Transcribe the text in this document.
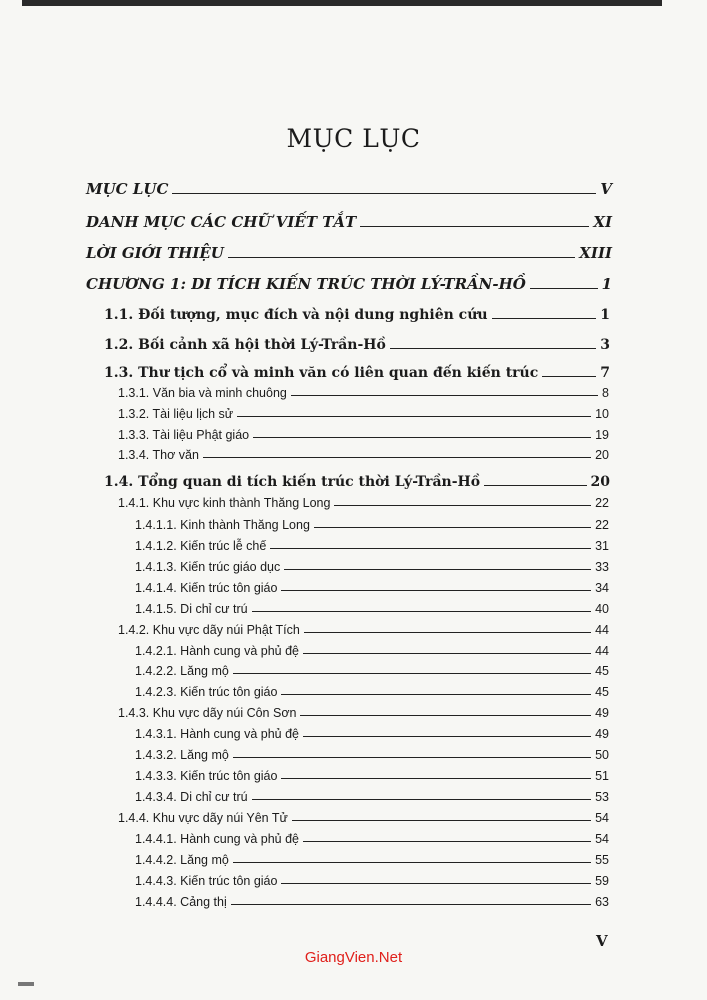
MỤC LỤC
MỤC LỤC	V
DANH MỤC CÁC CHỮ VIẾT TẮT	XI
LỜI GIỚI THIỆU	XIII
CHƯƠNG 1: DI TÍCH KIẾN TRÚC THỜI LÝ-TRẦN-HỒ	1
1.1. Đối tượng, mục đích và nội dung nghiên cứu	1
1.2. Bối cảnh xã hội thời Lý-Trần-Hồ	3
1.3. Thư tịch cổ và minh văn có liên quan đến kiến trúc	7
1.3.1. Văn bia và minh chuông	8
1.3.2. Tài liệu lịch sử	10
1.3.3. Tài liệu Phật giáo	19
1.3.4. Thơ văn	20
1.4. Tổng quan di tích kiến trúc thời Lý-Trần-Hồ	20
1.4.1. Khu vực kinh thành Thăng Long	22
1.4.1.1. Kinh thành Thăng Long	22
1.4.1.2. Kiến trúc lễ chế	31
1.4.1.3. Kiến trúc giáo dục	33
1.4.1.4. Kiến trúc tôn giáo	34
1.4.1.5. Di chỉ cư trú	40
1.4.2. Khu vực dãy núi Phật Tích	44
1.4.2.1. Hành cung và phủ đệ	44
1.4.2.2. Lăng mộ	45
1.4.2.3. Kiến trúc tôn giáo	45
1.4.3. Khu vực dãy núi Côn Sơn	49
1.4.3.1. Hành cung và phủ đệ	49
1.4.3.2. Lăng mộ	50
1.4.3.3. Kiến trúc tôn giáo	51
1.4.3.4. Di chỉ cư trú	53
1.4.4. Khu vực dãy núi Yên Tử	54
1.4.4.1. Hành cung và phủ đệ	54
1.4.4.2. Lăng mộ	55
1.4.4.3. Kiến trúc tôn giáo	59
1.4.4.4. Cảng thị	63
V
GiangVien.Net
